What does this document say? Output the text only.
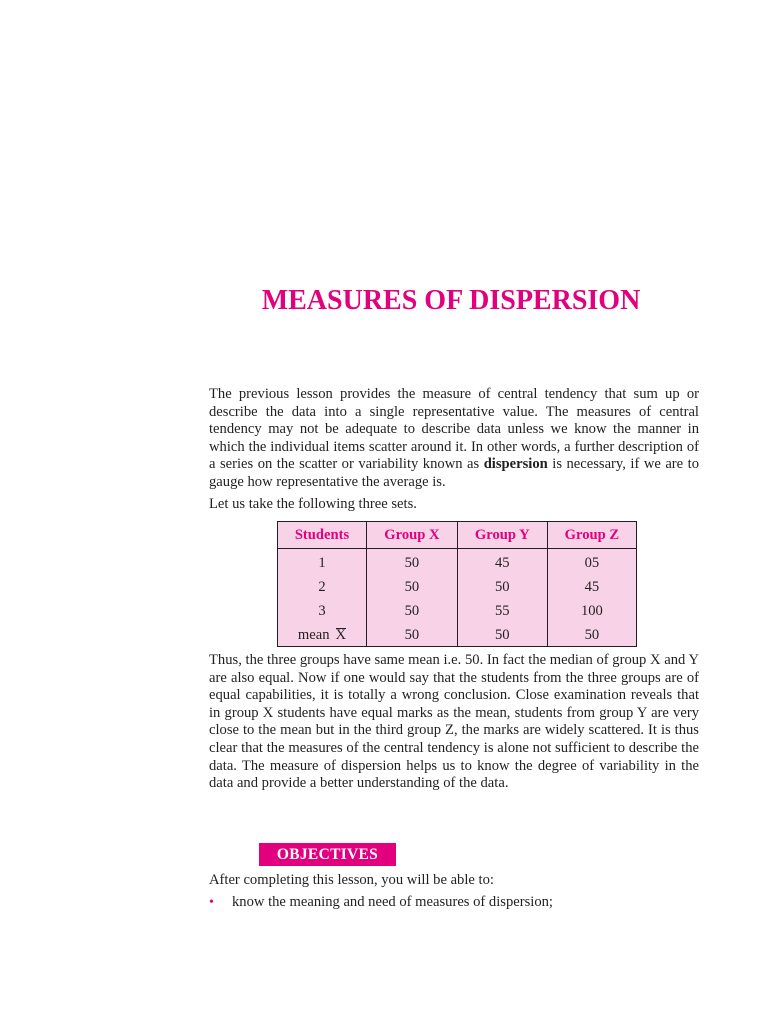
MEASURES OF DISPERSION

The previous lesson provides the measure of central tendency that sum up or describe the data into a single representative value. The measures of central tendency may not be adequate to describe data unless we know the manner in which the individual items scatter around it. In other words, a further description of a series on the scatter or variability known as dispersion is necessary, if we are to gauge how representative the average is.

Let us take the following three sets.

Students	Group X	Group Y	Group Z
1	50	45	05
2	50	50	45
3	50	55	100
mean X	50	50	50

Thus, the three groups have same mean i.e. 50. In fact the median of group X and Y are also equal. Now if one would say that the students from the three groups are of equal capabilities, it is totally a wrong conclusion. Close examination reveals that in group X students have equal marks as the mean, students from group Y are very close to the mean but in the third group Z, the marks are widely scattered. It is thus clear that the measures of the central tendency is alone not sufficient to describe the data. The measure of dispersion helps us to know the degree of variability in the data and provide a better understanding of the data.

OBJECTIVES

After completing this lesson, you will be able to:

• know the meaning and need of measures of dispersion;
